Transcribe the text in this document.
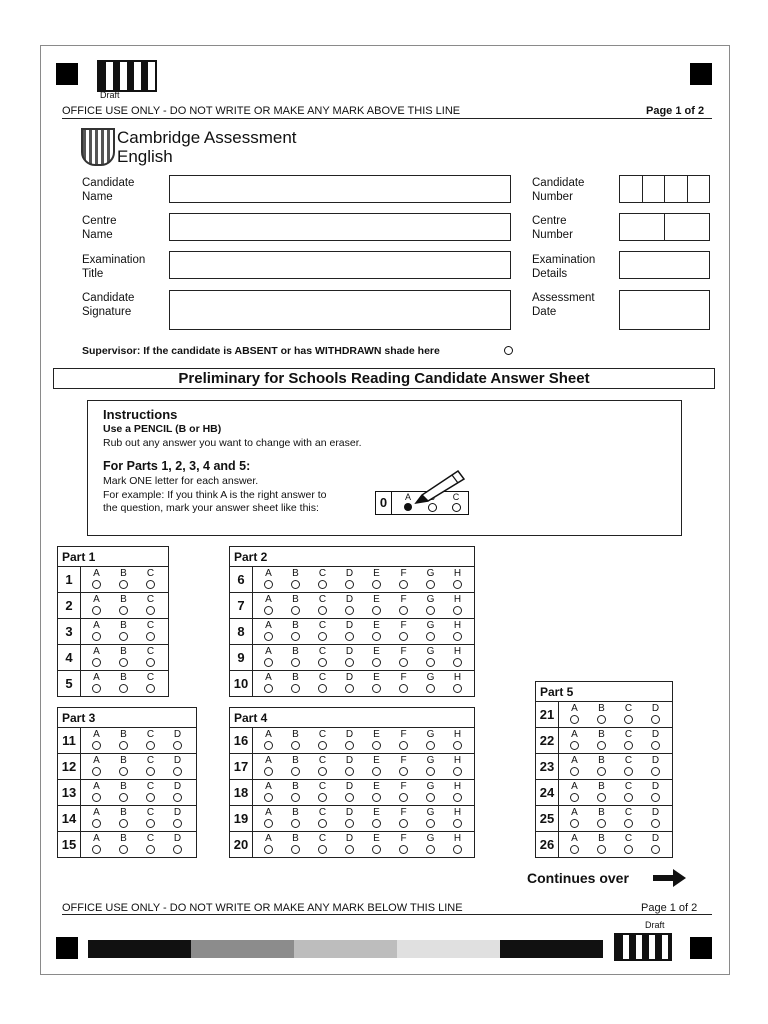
Draft
OFFICE USE ONLY - DO NOT WRITE OR MAKE ANY MARK ABOVE THIS LINE	Page 1 of 2
Cambridge Assessment
English
Candidate
Name
Centre
Name
Examination
Title
Candidate
Signature
Candidate
Number
Centre
Number
Examination
Details
Assessment
Date
Supervisor: If the candidate is ABSENT or has WITHDRAWN shade here
Preliminary for Schools Reading Candidate Answer Sheet
Instructions
Use a PENCIL (B or HB)
Rub out any answer you want to change with an eraser.
For Parts 1, 2, 3, 4 and 5:
Mark ONE letter for each answer.
For example: If you think A is the right answer to
the question, mark your answer sheet like this:	0	A	C
Part 1
1	A	B	C
2	A	B	C
3	A	B	C
4	A	B	C
5	A	B	C
Part 2
6	A	B	C	D	E	F	G	H
7	A	B	C	D	E	F	G	H
8	A	B	C	D	E	F	G	H
9	A	B	C	D	E	F	G	H
10	A	B	C	D	E	F	G	H
Part 3
11	A	B	C	D
12	A	B	C	D
13	A	B	C	D
14	A	B	C	D
15	A	B	C	D
Part 4
16	A	B	C	D	E	F	G	H
17	A	B	C	D	E	F	G	H
18	A	B	C	D	E	F	G	H
19	A	B	C	D	E	F	G	H
20	A	B	C	D	E	F	G	H
Part 5
21	A	B	C	D
22	A	B	C	D
23	A	B	C	D
24	A	B	C	D
25	A	B	C	D
26	A	B	C	D
Continues over
OFFICE USE ONLY - DO NOT WRITE OR MAKE ANY MARK BELOW THIS LINE	Page 1 of 2
Draft
